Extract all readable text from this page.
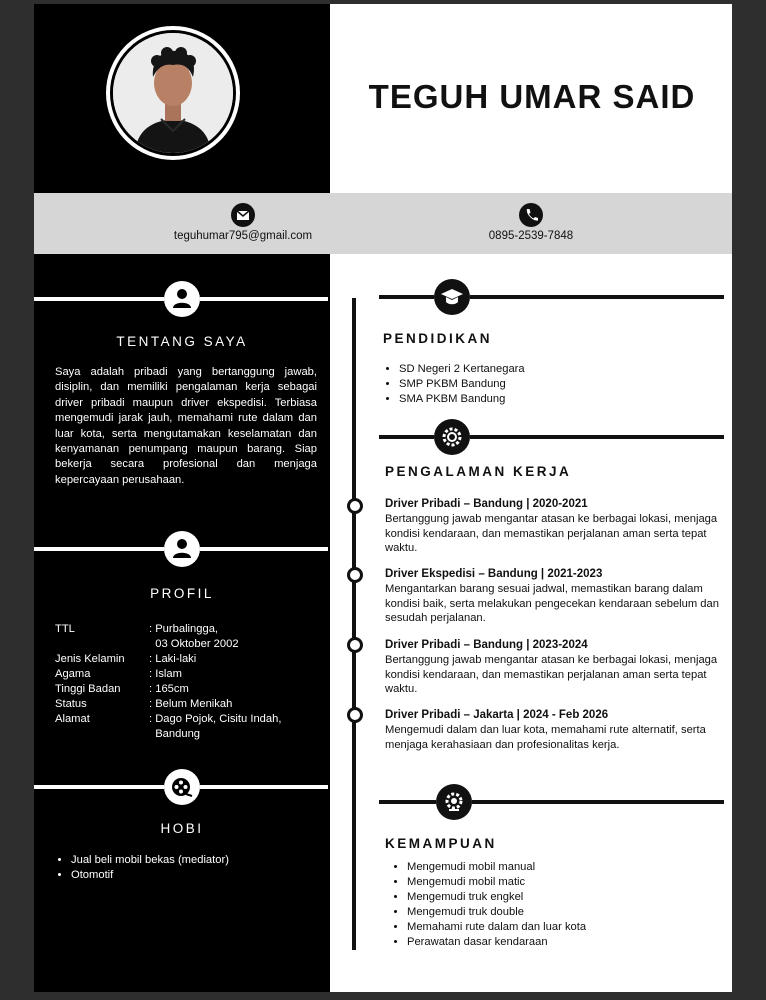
TENTANG SAYA
Saya adalah pribadi yang bertanggung jawab, disiplin, dan memiliki pengalaman kerja sebagai driver pribadi maupun driver ekspedisi. Terbiasa mengemudi jarak jauh, memahami rute dalam dan luar kota, serta mengutamakan keselamatan dan kenyamanan penumpang maupun barang. Siap bekerja secara profesional dan menjaga kepercayaan perusahaan.
PROFIL
TTL	: Purbalingga,
03 Oktober 2002
Jenis Kelamin	: Laki-laki
Agama	: Islam
Tinggi Badan	: 165cm
Status	: Belum Menikah
Alamat	: Dago Pojok, Cisitu Indah,
Bandung
HOBI
• Jual beli mobil bekas (mediator)
• Otomotif
TEGUH UMAR SAID
teguhumar795@gmail.com	0895-2539-7848
PENDIDIKAN
• SD Negeri 2 Kertanegara
• SMP PKBM Bandung
• SMA PKBM Bandung
PENGALAMAN KERJA
Driver Pribadi – Bandung | 2020-2021
Bertanggung jawab mengantar atasan ke berbagai lokasi, menjaga kondisi kendaraan, dan memastikan perjalanan aman serta tepat waktu.
Driver Ekspedisi – Bandung | 2021-2023
Mengantarkan barang sesuai jadwal, memastikan barang dalam kondisi baik, serta melakukan pengecekan kendaraan sebelum dan sesudah perjalanan.
Driver Pribadi – Bandung | 2023-2024
Bertanggung jawab mengantar atasan ke berbagai lokasi, menjaga kondisi kendaraan, dan memastikan perjalanan aman serta tepat waktu.
Driver Pribadi – Jakarta | 2024 - Feb 2026
Mengemudi dalam dan luar kota, memahami rute alternatif, serta menjaga kerahasiaan dan profesionalitas kerja.
KEMAMPUAN
• Mengemudi mobil manual
• Mengemudi mobil matic
• Mengemudi truk engkel
• Mengemudi truk double
• Memahami rute dalam dan luar kota
• Perawatan dasar kendaraan
